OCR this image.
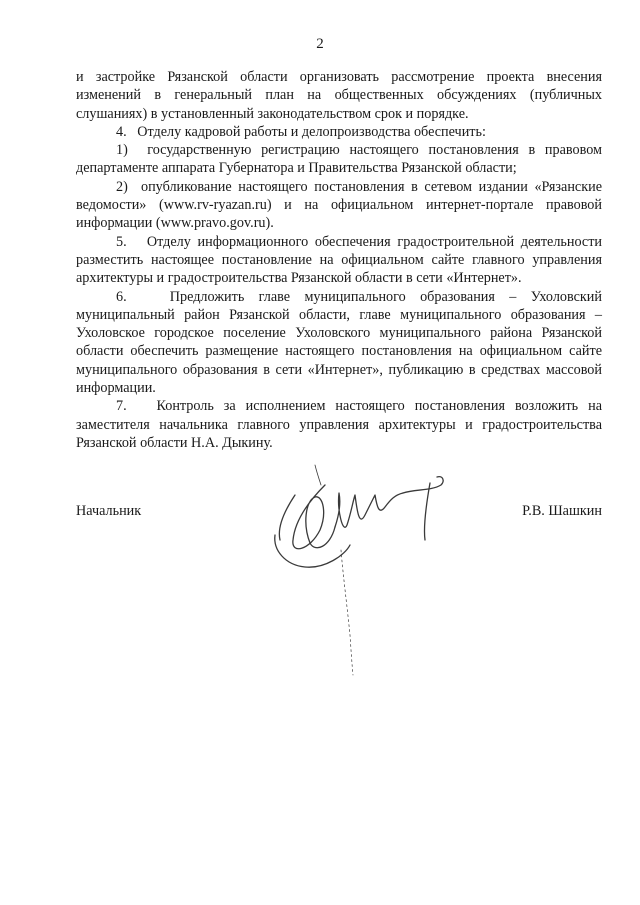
2

и застройке Рязанской области организовать рассмотрение проекта внесения изменений в генеральный план на общественных обсуждениях (публичных слушаниях) в установленный законодательством срок и порядке.

4.   Отделу кадровой работы и делопроизводства обеспечить:

1)  государственную регистрацию настоящего постановления в правовом департаменте аппарата Губернатора и Правительства Рязанской области;

2)  опубликование настоящего постановления в сетевом издании «Рязанские ведомости» (www.rv-ryazan.ru) и на официальном интернет-портале правовой информации (www.pravo.gov.ru).

5.   Отделу информационного обеспечения градостроительной деятельности разместить настоящее постановление на официальном сайте главного управления архитектуры и градостроительства Рязанской области в сети «Интернет».

6.   Предложить главе муниципального образования – Ухоловский муниципальный район Рязанской области, главе муниципального образования – Ухоловское городское поселение Ухоловского муниципального района Рязанской области обеспечить размещение настоящего постановления на официальном сайте муниципального образования в сети «Интернет», публикацию в средствах массовой информации.

7.   Контроль за исполнением настоящего постановления возложить на заместителя начальника главного управления архитектуры и градостроительства Рязанской области Н.А. Дыкину.

Начальник	Р.В. Шашкин
